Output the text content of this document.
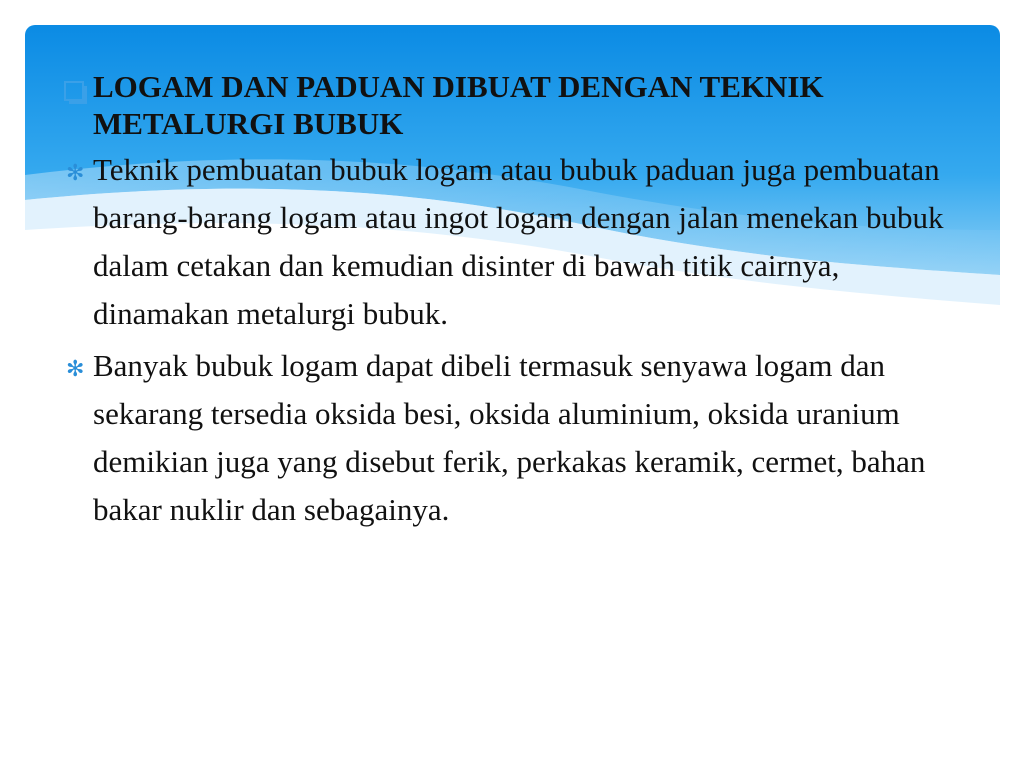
LOGAM DAN PADUAN DIBUAT DENGAN TEKNIK METALURGI BUBUK
✻ Teknik pembuatan bubuk logam atau bubuk paduan juga pembuatan barang-barang logam atau ingot logam dengan jalan menekan bubuk dalam cetakan dan kemudian disinter di bawah titik cairnya, dinamakan metalurgi bubuk.
✻ Banyak bubuk logam dapat dibeli termasuk senyawa logam dan sekarang tersedia oksida besi, oksida aluminium, oksida uranium demikian juga yang disebut ferik, perkakas keramik, cermet, bahan bakar nuklir dan sebagainya.
